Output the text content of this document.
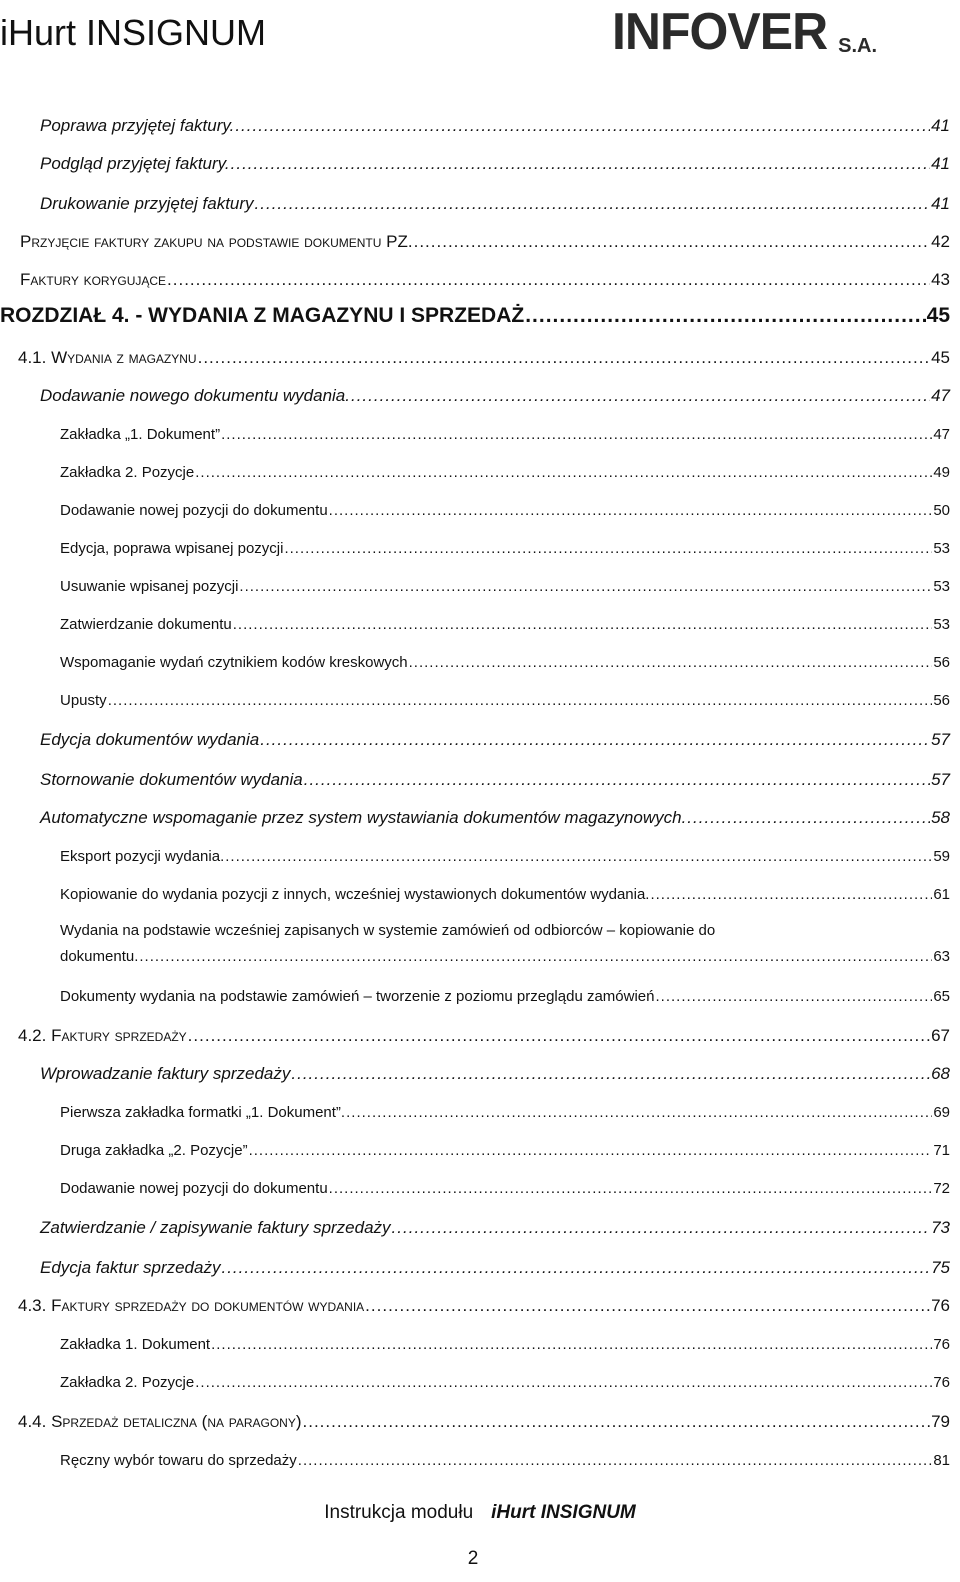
iHurt INSIGNUM	INFOVER S.A.
Poprawa przyjętej faktury. .....	41
Podgląd przyjętej faktury. .....	41
Drukowanie przyjętej faktury .....	41
Przyjęcie faktury zakupu na podstawie dokumentu PZ. .....	42
Faktury korygujące .....	43
ROZDZIAŁ 4. - WYDANIA Z MAGAZYNU I SPRZEDAŻ .....	45
4.1. Wydania z magazynu .....	45
Dodawanie nowego dokumentu wydania. .....	47
Zakładka „1. Dokument” .....	47
Zakładka 2. Pozycje .....	49
Dodawanie nowej pozycji do dokumentu .....	50
Edycja, poprawa wpisanej pozycji .....	53
Usuwanie wpisanej pozycji .....	53
Zatwierdzanie dokumentu .....	53
Wspomaganie wydań czytnikiem kodów kreskowych .....	56
Upusty .....	56
Edycja dokumentów wydania .....	57
Stornowanie dokumentów wydania .....	57
Automatyczne wspomaganie przez system wystawiania dokumentów magazynowych. .....	58
Eksport pozycji wydania. .....	59
Kopiowanie do wydania pozycji z innych, wcześniej wystawionych dokumentów wydania. .....	61
Wydania na podstawie wcześniej zapisanych w systemie zamówień od odbiorców – kopiowanie do
dokumentu. .....	63
Dokumenty wydania na podstawie zamówień – tworzenie z poziomu przeglądu zamówień .....	65
4.2. Faktury sprzedaży .....	67
Wprowadzanie faktury sprzedaży .....	68
Pierwsza zakładka formatki „1. Dokument”. .....	69
Druga zakładka „2. Pozycje” .....	71
Dodawanie nowej pozycji do dokumentu .....	72
Zatwierdzanie / zapisywanie faktury sprzedaży .....	73
Edycja faktur sprzedaży .....	75
4.3. Faktury sprzedaży do dokumentów wydania .....	76
Zakładka 1. Dokument .....	76
Zakładka 2. Pozycje .....	76
4.4. Sprzedaż detaliczna (na paragony) .....	79
Ręczny wybór towaru do sprzedaży .....	81
Instrukcja modułu iHurt INSIGNUM
2
